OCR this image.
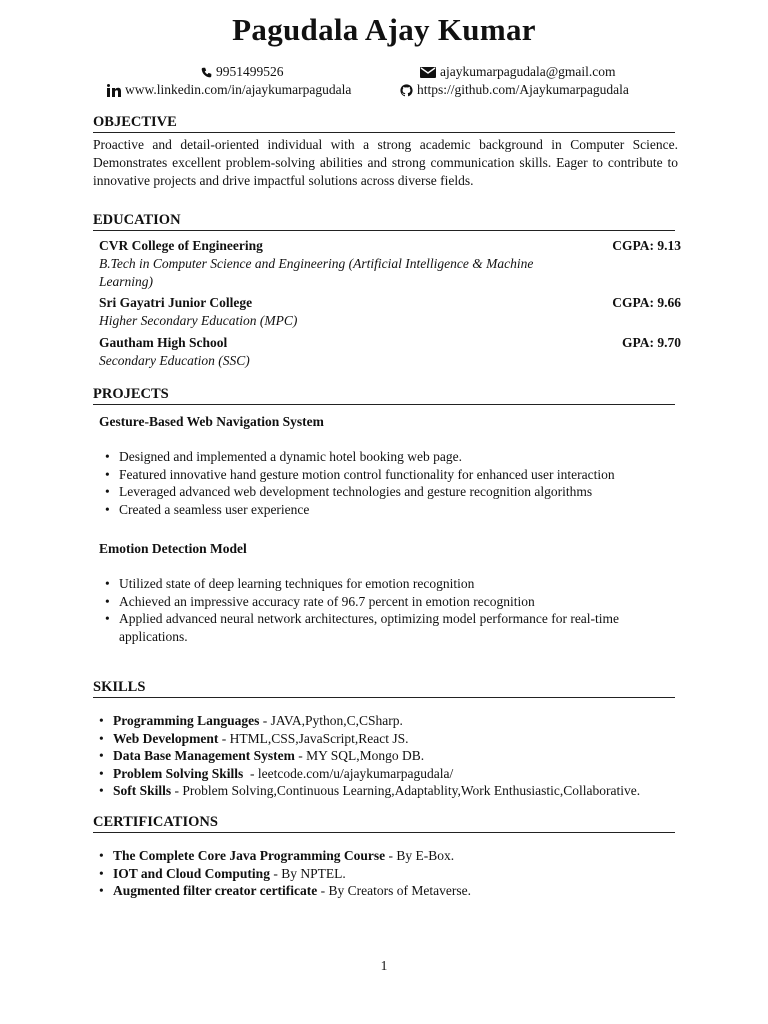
Pagudala Ajay Kumar
9951499526	ajaykumarpagudala@gmail.com
www.linkedin.com/in/ajaykumarpagudala	https://github.com/Ajaykumarpagudala
OBJECTIVE
Proactive and detail-oriented individual with a strong academic background in Computer Science. Demonstrates excellent problem-solving abilities and strong communication skills. Eager to contribute to innovative projects and drive impactful solutions across diverse fields.
EDUCATION
CVR College of Engineering	CGPA: 9.13
B.Tech in Computer Science and Engineering (Artificial Intelligence & Machine Learning)
Sri Gayatri Junior College	CGPA: 9.66
Higher Secondary Education (MPC)
Gautham High School	GPA: 9.70
Secondary Education (SSC)
PROJECTS
Gesture-Based Web Navigation System
• Designed and implemented a dynamic hotel booking web page.
• Featured innovative hand gesture motion control functionality for enhanced user interaction
• Leveraged advanced web development technologies and gesture recognition algorithms
• Created a seamless user experience
Emotion Detection Model
• Utilized state of deep learning techniques for emotion recognition
• Achieved an impressive accuracy rate of 96.7 percent in emotion recognition
• Applied advanced neural network architectures, optimizing model performance for real-time applications.
SKILLS
• Programming Languages - JAVA,Python,C,CSharp.
• Web Development - HTML,CSS,JavaScript,React JS.
• Data Base Management System - MY SQL,Mongo DB.
• Problem Solving Skills  - leetcode.com/u/ajaykumarpagudala/
• Soft Skills - Problem Solving,Continuous Learning,Adaptablity,Work Enthusiastic,Collaborative.
CERTIFICATIONS
• The Complete Core Java Programming Course - By E-Box.
• IOT and Cloud Computing - By NPTEL.
• Augmented filter creator certificate - By Creators of Metaverse.
1
